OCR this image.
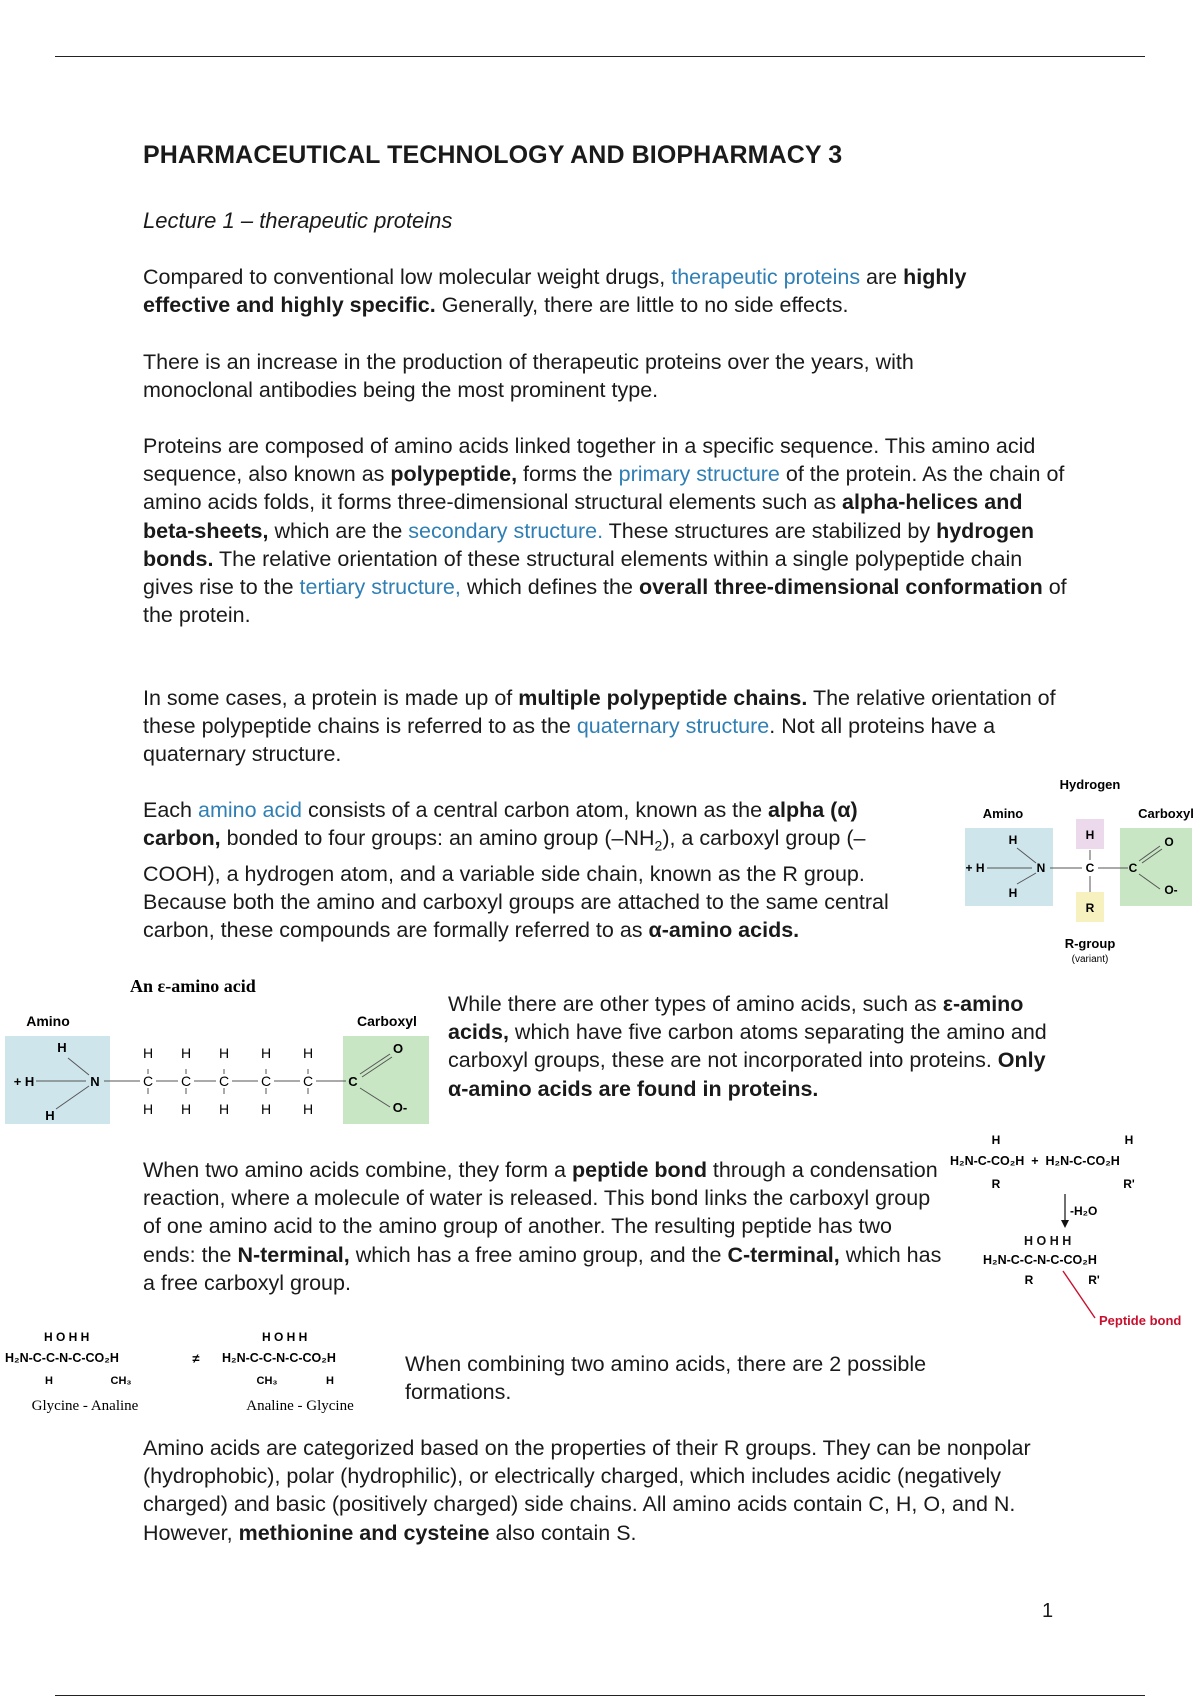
PHARMACEUTICAL TECHNOLOGY AND BIOPHARMACY 3
Lecture 1 – therapeutic proteins

Compared to conventional low molecular weight drugs, therapeutic proteins are highly effective and highly specific. Generally, there are little to no side effects.

There is an increase in the production of therapeutic proteins over the years, with monoclonal antibodies being the most prominent type.

Proteins are composed of amino acids linked together in a specific sequence. This amino acid sequence, also known as polypeptide, forms the primary structure of the protein. As the chain of amino acids folds, it forms three-dimensional structural elements such as alpha-helices and beta-sheets, which are the secondary structure. These structures are stabilized by hydrogen bonds. The relative orientation of these structural elements within a single polypeptide chain gives rise to the tertiary structure, which defines the overall three-dimensional conformation of the protein.

In some cases, a protein is made up of multiple polypeptide chains. The relative orientation of these polypeptide chains is referred to as the quaternary structure. Not all proteins have a quaternary structure.

Each amino acid consists of a central carbon atom, known as the alpha (α) carbon, bonded to four groups: an amino group $(-NH_2)$, a carboxyl group (–COOH), a hydrogen atom, and a variable side chain, known as the R group. Because both the amino and carboxyl groups are attached to the same central carbon, these compounds are formally referred to as α-amino acids.

Hydrogen
Amino	Carboxyl
H
+ H	N
H
H
C	C
O
O-
R
R-group
(variant)
An ε-amino acid
Amino	Carboxyl
H
+ H	N
H
H H H H H
C C C C C
H H H H H
C
O
O-

While there are other types of amino acids, such as ε-amino acids, which have five carbon atoms separating the amino and carboxyl groups, these are not incorporated into proteins. Only α-amino acids are found in proteins.

When two amino acids combine, they form a peptide bond through a condensation reaction, where a molecule of water is released. This bond links the carboxyl group of one amino acid to the amino group of another. The resulting peptide has two ends: the N-terminal, which has a free amino group, and the C-terminal, which has a free carboxyl group.

H	H
H₂N-C-CO₂H  +  H₂N-C-CO₂H
R	R'
-H₂O
H O H H
H₂N-C-C-N-C-CO₂H
R	R'
Peptide bond
H O H H
H₂N-C-C-N-C-CO₂H
H	CH₃
≠
H O H H
H₂N-C-C-N-C-CO₂H
CH₃	H
Glycine - Analine	Analine - Glycine

When combining two amino acids, there are 2 possible formations.

Amino acids are categorized based on the properties of their R groups. They can be nonpolar (hydrophobic), polar (hydrophilic), or electrically charged, which includes acidic (negatively charged) and basic (positively charged) side chains. All amino acids contain C, H, O, and N. However, methionine and cysteine also contain S.

1
